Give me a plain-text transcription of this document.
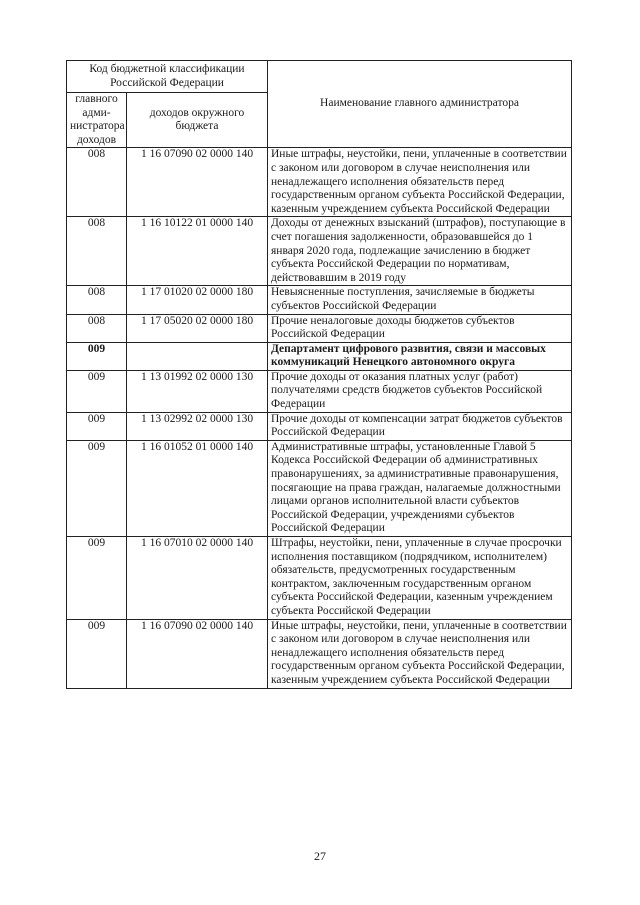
Код бюджетной классификации Российской Федерации		Наименование главного администратора
главного адми-нистратора доходов	доходов окружного бюджета	
008	1 16 07090 02 0000 140	Иные штрафы, неустойки, пени, уплаченные в соответствии с законом или договором в случае неисполнения или ненадлежащего исполнения обязательств перед государственным органом субъекта Российской Федерации, казенным учреждением субъекта Российской Федерации
008	1 16 10122 01 0000 140	Доходы от денежных взысканий (штрафов), поступающие в счет погашения задолженности, образовавшейся до 1 января 2020 года, подлежащие зачислению в бюджет субъекта Российской Федерации по нормативам, действовавшим в 2019 году
008	1 17 01020 02 0000 180	Невыясненные поступления, зачисляемые в бюджеты субъектов Российской Федерации
008	1 17 05020 02 0000 180	Прочие неналоговые доходы бюджетов субъектов Российской Федерации
009		Департамент цифрового развития, связи и массовых коммуникаций Ненецкого автономного округа
009	1 13 01992 02 0000 130	Прочие доходы от оказания платных услуг (работ) получателями средств бюджетов субъектов Российской Федерации
009	1 13 02992 02 0000 130	Прочие доходы от компенсации затрат бюджетов субъектов Российской Федерации
009	1 16 01052 01 0000 140	Административные штрафы, установленные Главой 5 Кодекса Российской Федерации об административных правонарушениях, за административные правонарушения, посягающие на права граждан, налагаемые должностными лицами органов исполнительной власти субъектов Российской Федерации, учреждениями субъектов Российской Федерации
009	1 16 07010 02 0000 140	Штрафы, неустойки, пени, уплаченные в случае просрочки исполнения поставщиком (подрядчиком, исполнителем) обязательств, предусмотренных государственным контрактом, заключенным государственным органом субъекта Российской Федерации, казенным учреждением субъекта Российской Федерации
009	1 16 07090 02 0000 140	Иные штрафы, неустойки, пени, уплаченные в соответствии с законом или договором в случае неисполнения или ненадлежащего исполнения обязательств перед государственным органом субъекта Российской Федерации, казенным учреждением субъекта Российской Федерации
27
